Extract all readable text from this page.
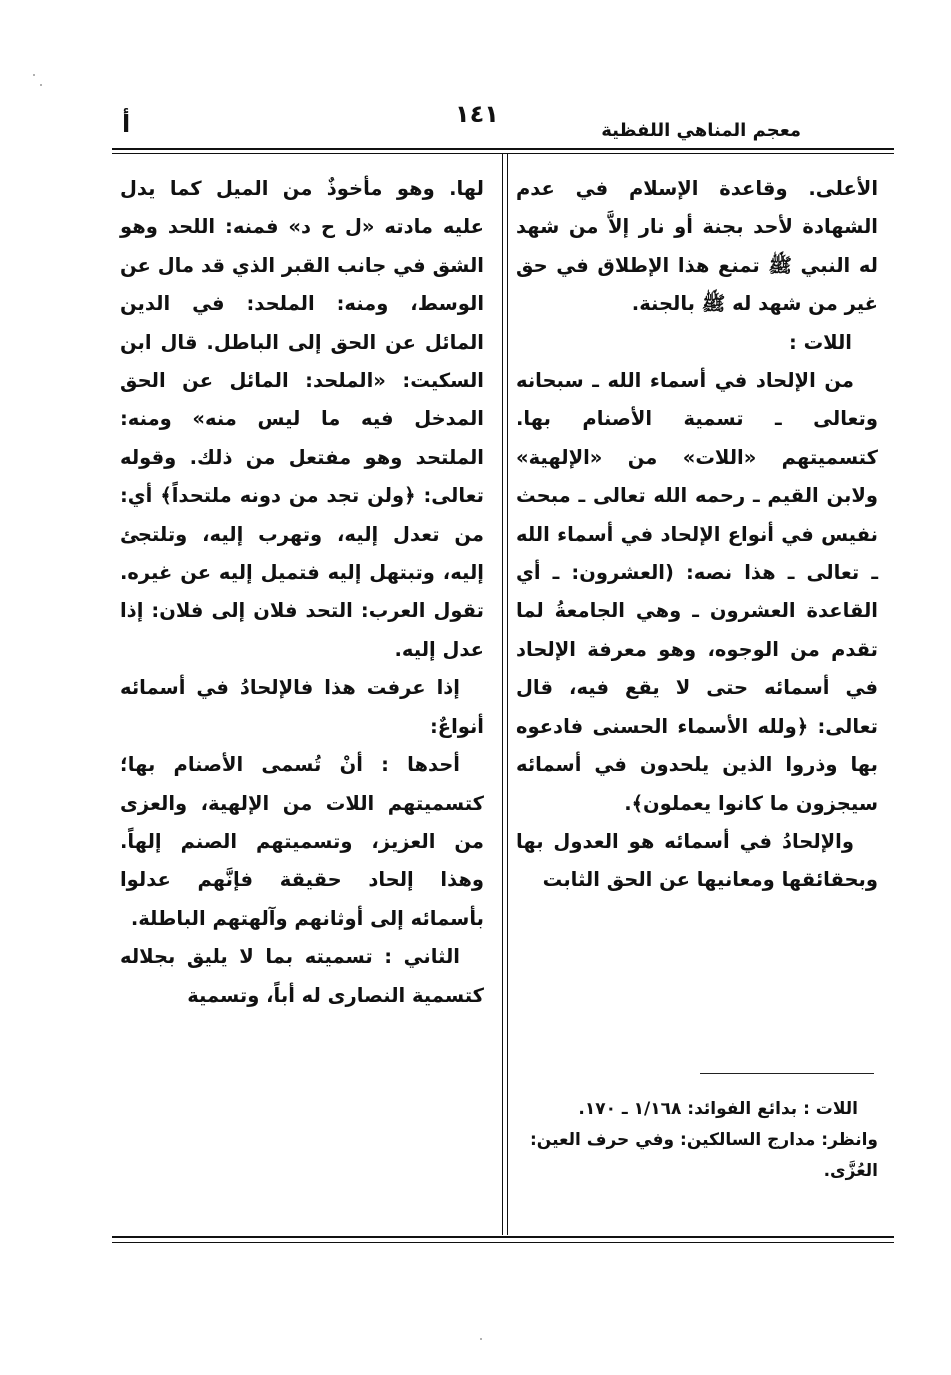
معجم المناهي اللفظية
١٤١
أ

الأعلى. وقاعدة الإسلام في عدم الشهادة لأحد بجنة أو نار إلاَّ من شهد له النبي ﷺ تمنع هذا الإطلاق في حق غير من شهد له ﷺ بالجنة.

اللات :

من الإلحاد في أسماء الله ـ سبحانه وتعالى ـ تسمية الأصنام بها. كتسميتهم «اللات» من «الإلهية» ولابن القيم ـ رحمه الله تعالى ـ مبحث نفيس في أنواع الإلحاد في أسماء الله ـ تعالى ـ هذا نصه: (العشرون: ـ أي القاعدة العشرون ـ وهي الجامعةُ لما تقدم من الوجوه، وهو معرفة الإلحاد في أسمائه حتى لا يقع فيه، قال تعالى: ﴿ولله الأسماء الحسنى فادعوه بها وذروا الذين يلحدون في أسمائه سيجزون ما كانوا يعملون﴾.

والإلحادُ في أسمائه هو العدول بها وبحقائقها ومعانيها عن الحق الثابت

اللات : بدائع الفوائد: ١/١٦٨ ـ ١٧٠.

وانظر: مدارج السالكين: وفي حرف العين: العُزَّى.

لها. وهو مأخوذٌ من الميل كما يدل عليه مادته «ل ح د» فمنه: اللحد وهو الشق في جانب القبر الذي قد مال عن الوسط، ومنه: الملحد: في الدين المائل عن الحق إلى الباطل. قال ابن السكيت: «الملحد: المائل عن الحق المدخل فيه ما ليس منه» ومنه: الملتحد وهو مفتعل من ذلك. وقوله تعالى: ﴿ولن تجد من دونه ملتحداً﴾ أي: من تعدل إليه، وتهرب إليه، وتلتجئ إليه، وتبتهل إليه فتميل إليه عن غيره. تقول العرب: التحد فلان إلى فلان: إذا عدل إليه.

إذا عرفت هذا فالإلحادُ في أسمائه أنواعٌ:

أحدها : أنْ تُسمى الأصنام بها؛ كتسميتهم اللات من الإلهية، والعزى من العزيز، وتسميتهم الصنم إلهاً. وهذا إلحاد حقيقة فإنَّهم عدلوا بأسمائه إلى أوثانهم وآلهتهم الباطلة.

الثاني : تسميته بما لا يليق بجلاله كتسمية النصارى له أباً، وتسمية
